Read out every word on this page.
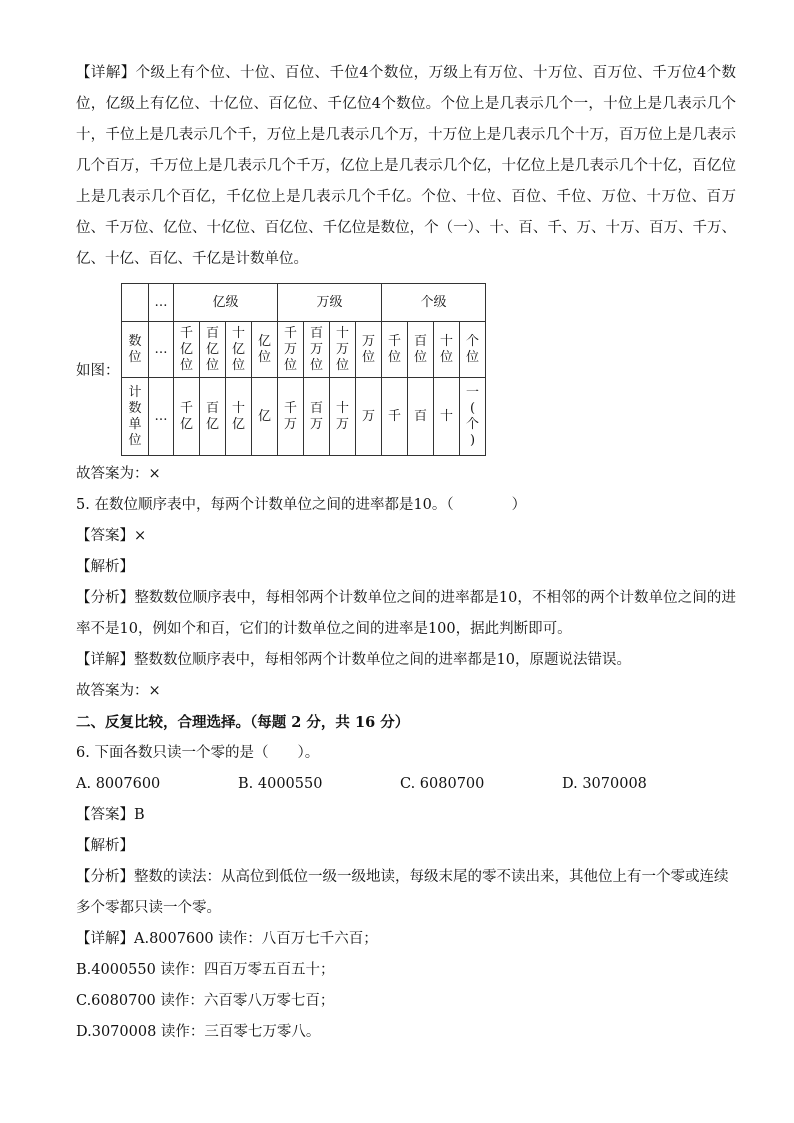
【详解】个级上有个位、十位、百位、千位4个数位，万级上有万位、十万位、百万位、千万位4个数位，亿级上有亿位、十亿位、百亿位、千亿位4个数位。个位上是几表示几个一，十位上是几表示几个十，千位上是几表示几个千，万位上是几表示几个万，十万位上是几表示几个十万，百万位上是几表示几个百万，千万位上是几表示几个千万，亿位上是几表示几个亿，十亿位上是几表示几个十亿，百亿位上是几表示几个百亿，千亿位上是几表示几个千亿。个位、十位、百位、千位、万位、十万位、百万位、千万位、亿位、十亿位、百亿位、千亿位是数位，个（一）、十、百、千、万、十万、百万、千万、亿、十亿、百亿、千亿是计数单位。

如图：
	…	亿级				万级				个级			
数位	…	千亿位	百亿位	十亿位	亿位	千万位	百万位	十万位	万位	千位	百位	十位	个位
计数单位	…	千亿	百亿	十亿	亿	千万	百万	十万	万	千	百	十	一(个)

故答案为：×

5. 在数位顺序表中，每两个计数单位之间的进率都是10。（　　　　）

【答案】×

【解析】

【分析】整数数位顺序表中，每相邻两个计数单位之间的进率都是10，不相邻的两个计数单位之间的进率不是10，例如个和百，它们的计数单位之间的进率是100，据此判断即可。

【详解】整数数位顺序表中，每相邻两个计数单位之间的进率都是10，原题说法错误。

故答案为：×

二、反复比较，合理选择。（每题 2 分，共 16 分）

6. 下面各数只读一个零的是（　　）。

A. 8007600	B. 4000550	C. 6080700	D. 3070008

【答案】B

【解析】

【分析】整数的读法：从高位到低位一级一级地读，每级末尾的零不读出来，其他位上有一个零或连续

多个零都只读一个零。

【详解】A.8007600 读作：八百万七千六百；

B.4000550 读作：四百万零五百五十；

C.6080700 读作：六百零八万零七百；

D.3070008 读作：三百零七万零八。
